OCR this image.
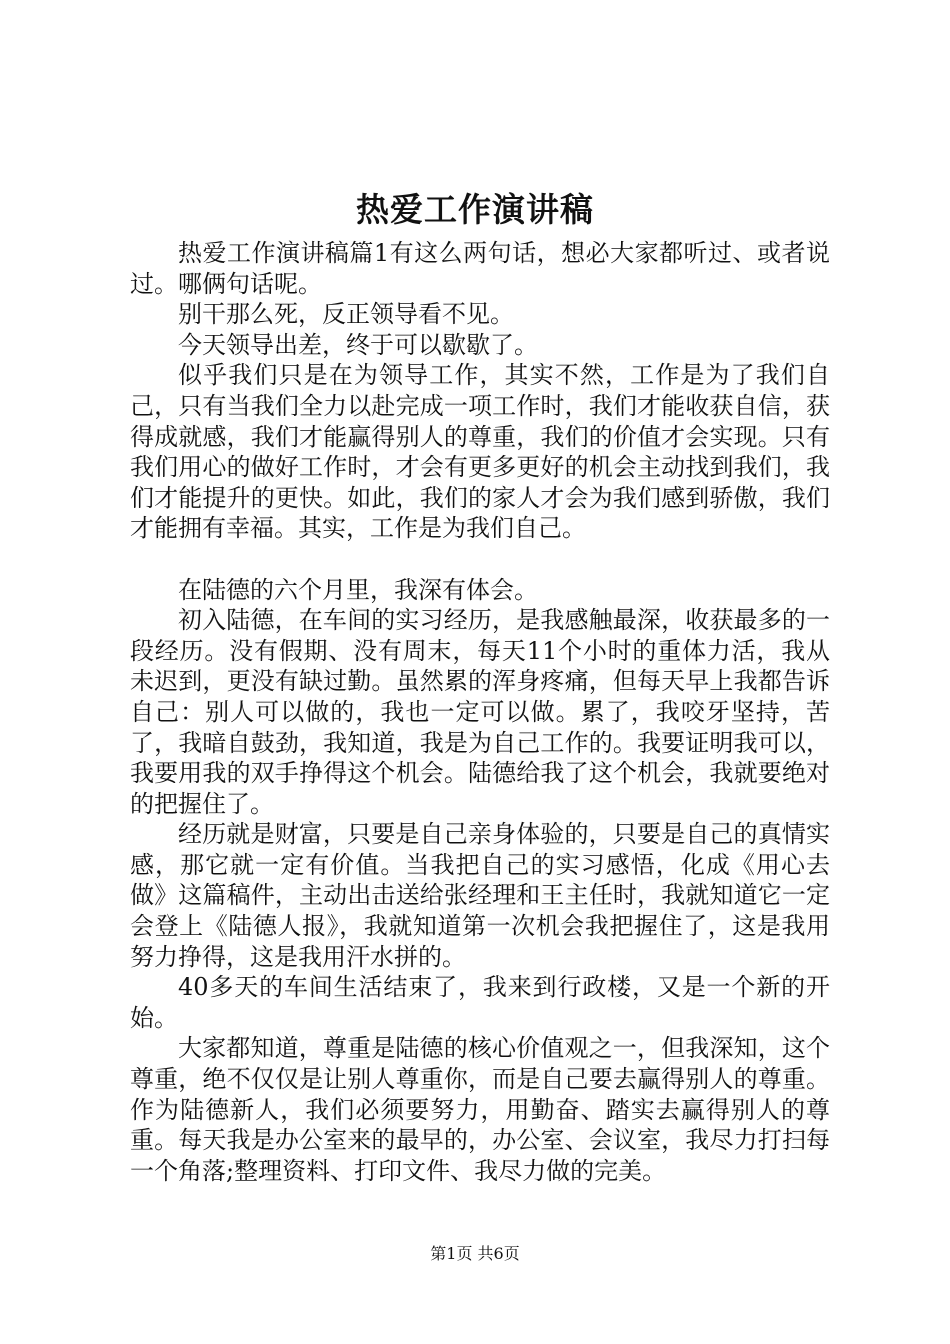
热爱工作演讲稿

热爱工作演讲稿篇1有这么两句话，想必大家都听过、或者说过。哪俩句话呢。

别干那么死，反正领导看不见。

今天领导出差，终于可以歇歇了。

似乎我们只是在为领导工作，其实不然，工作是为了我们自己，只有当我们全力以赴完成一项工作时，我们才能收获自信，获得成就感，我们才能赢得别人的尊重，我们的价值才会实现。只有我们用心的做好工作时，才会有更多更好的机会主动找到我们，我们才能提升的更快。如此，我们的家人才会为我们感到骄傲，我们才能拥有幸福。其实，工作是为我们自己。

在陆德的六个月里，我深有体会。

初入陆德，在车间的实习经历，是我感触最深，收获最多的一段经历。没有假期、没有周末，每天11个小时的重体力活，我从未迟到，更没有缺过勤。虽然累的浑身疼痛，但每天早上我都告诉自己：别人可以做的，我也一定可以做。累了，我咬牙坚持，苦了，我暗自鼓劲，我知道，我是为自己工作的。我要证明我可以，我要用我的双手挣得这个机会。陆德给我了这个机会，我就要绝对的把握住了。

经历就是财富，只要是自己亲身体验的，只要是自己的真情实感，那它就一定有价值。当我把自己的实习感悟，化成《用心去做》这篇稿件，主动出击送给张经理和王主任时，我就知道它一定会登上《陆德人报》，我就知道第一次机会我把握住了，这是我用努力挣得，这是我用汗水拼的。

40多天的车间生活结束了，我来到行政楼，又是一个新的开始。

大家都知道，尊重是陆德的核心价值观之一，但我深知，这个尊重，绝不仅仅是让别人尊重你，而是自己要去赢得别人的尊重。作为陆德新人，我们必须要努力，用勤奋、踏实去赢得别人的尊重。每天我是办公室来的最早的，办公室、会议室，我尽力打扫每一个角落;整理资料、打印文件、我尽力做的完美。

第1页 共6页
